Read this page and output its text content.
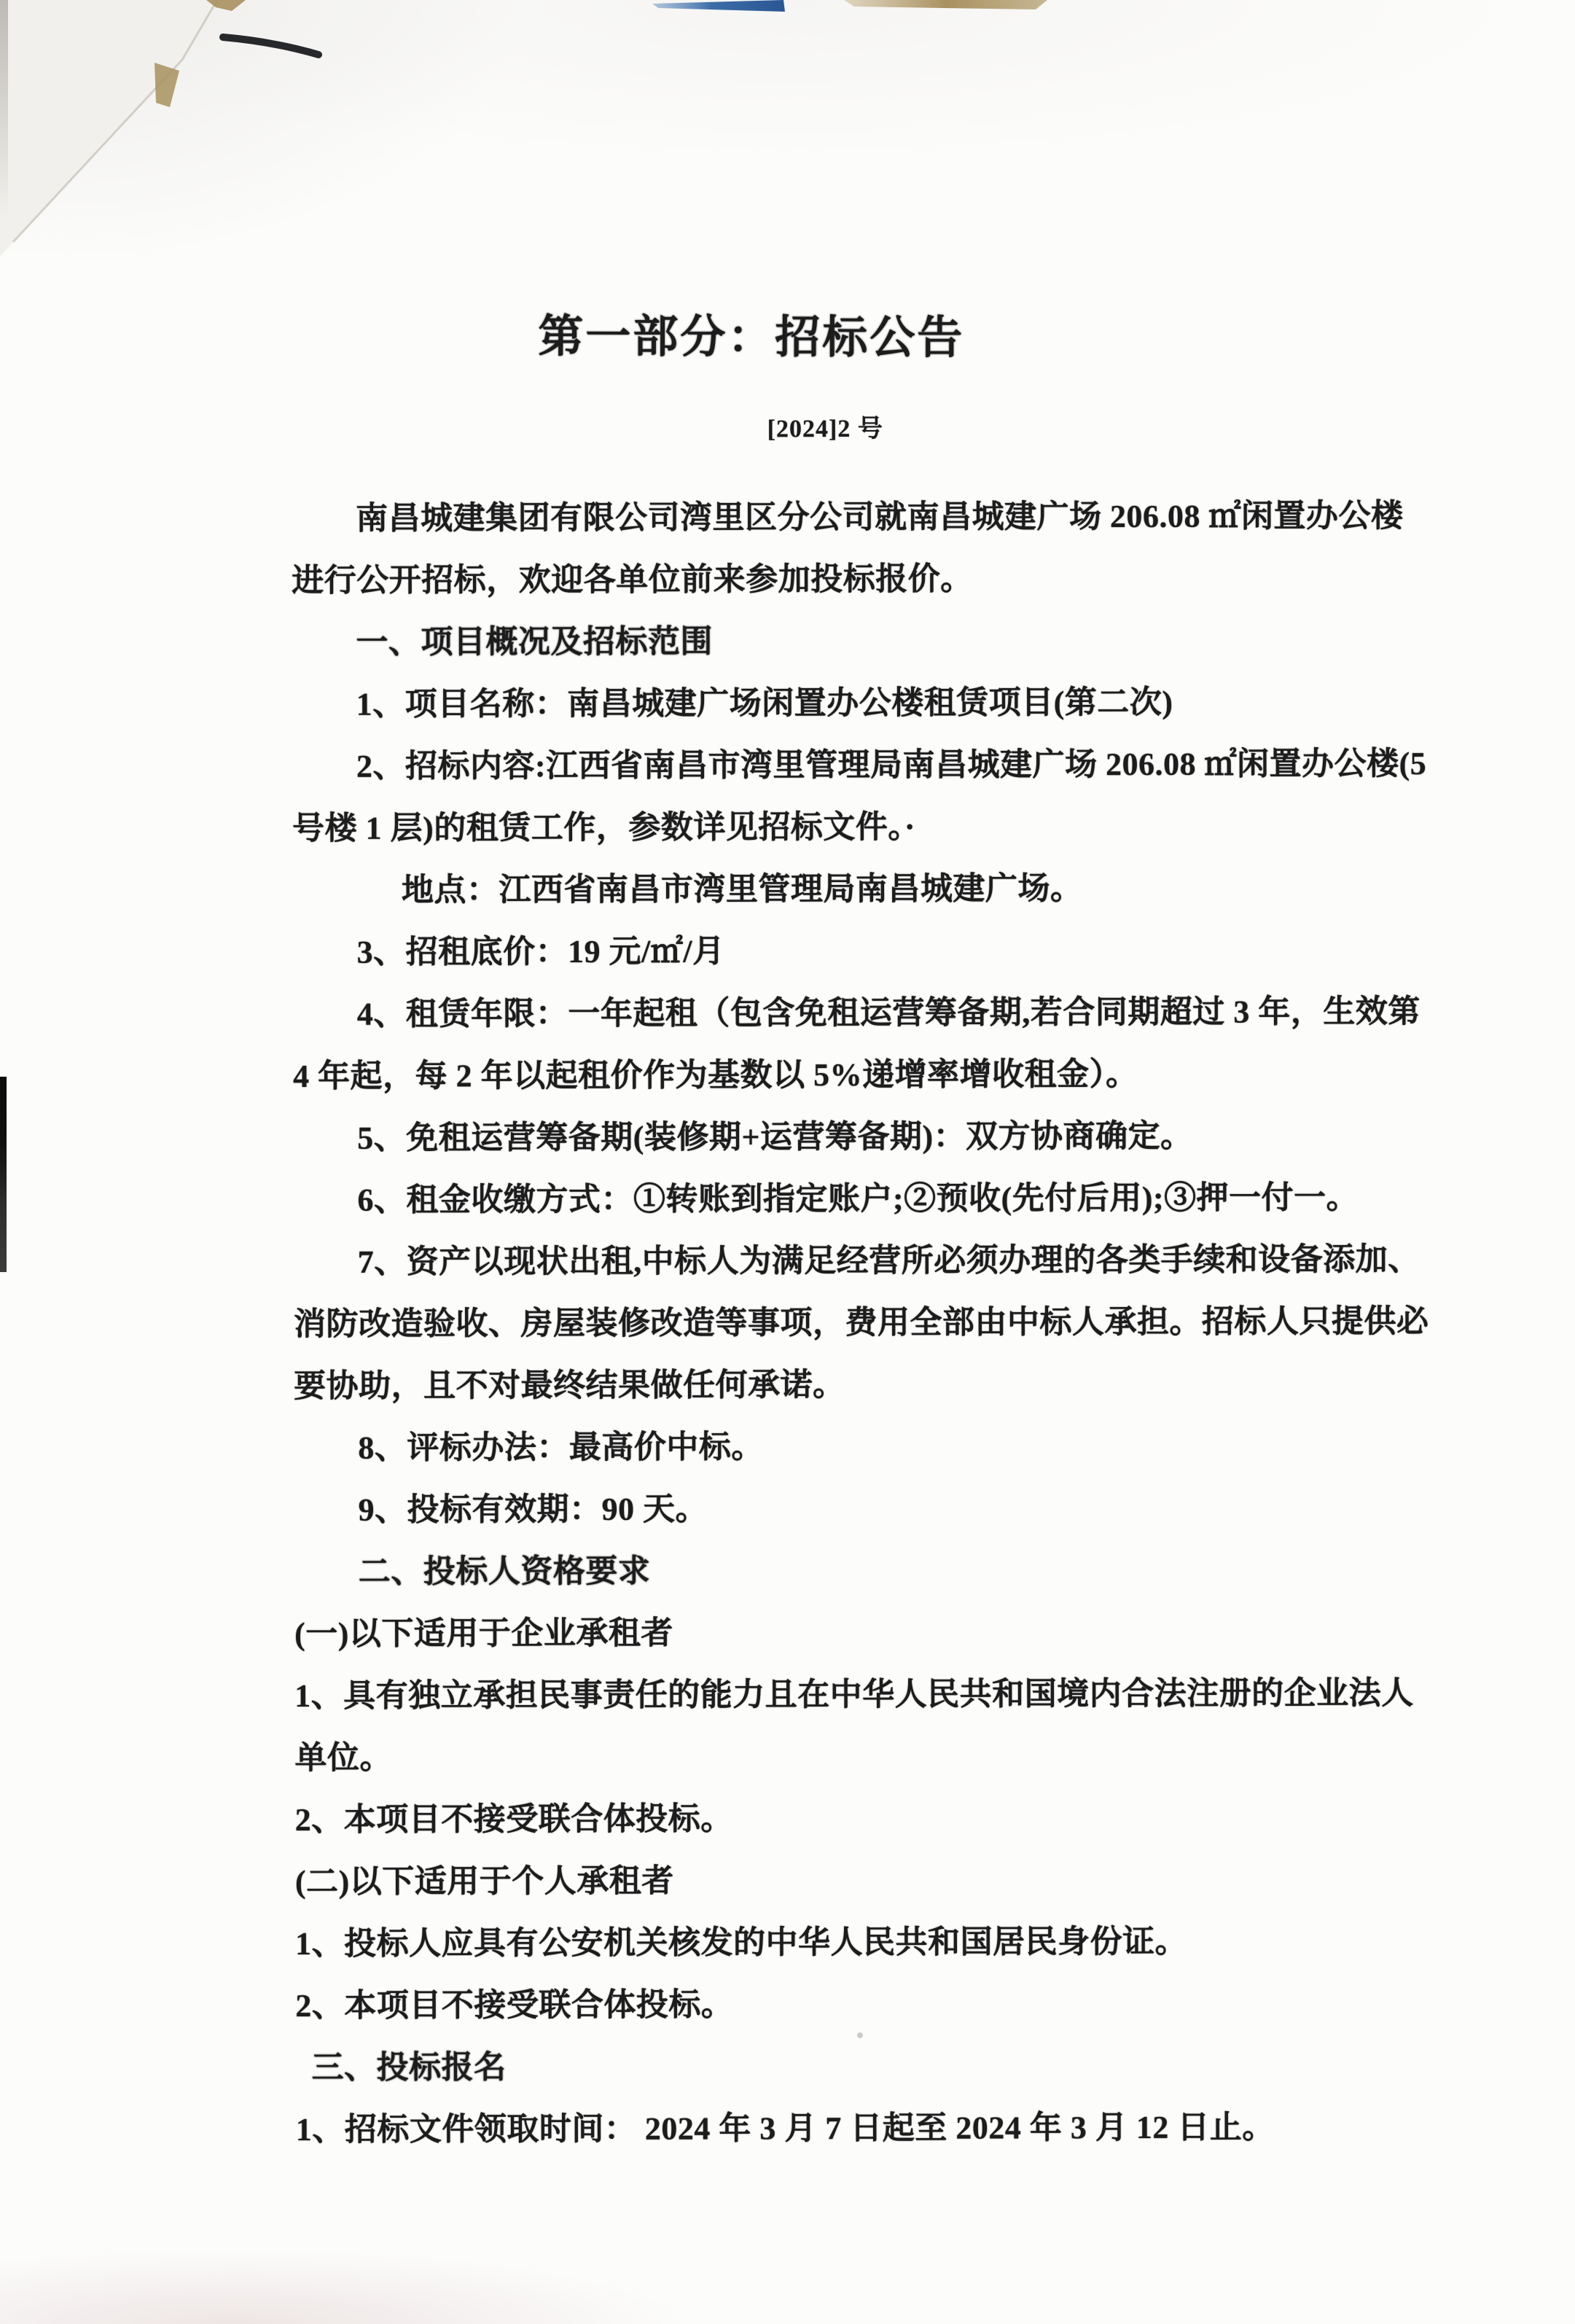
第一部分：招标公告
[2024]2 号
南昌城建集团有限公司湾里区分公司就南昌城建广场 206.08 ㎡闲置办公楼
进行公开招标，欢迎各单位前来参加投标报价。
一、项目概况及招标范围
1、项目名称：南昌城建广场闲置办公楼租赁项目(第二次)
2、招标内容:江西省南昌市湾里管理局南昌城建广场 206.08 ㎡闲置办公楼(5
号楼 1 层)的租赁工作，参数详见招标文件。·
地点：江西省南昌市湾里管理局南昌城建广场。
3、招租底价：19 元/㎡/月
4、租赁年限：一年起租（包含免租运营筹备期,若合同期超过 3 年，生效第
4 年起，每 2 年以起租价作为基数以 5%递增率增收租金）。
5、免租运营筹备期(装修期+运营筹备期)：双方协商确定。
6、租金收缴方式：①转账到指定账户;②预收(先付后用);③押一付一。
7、资产以现状出租,中标人为满足经营所必须办理的各类手续和设备添加、
消防改造验收、房屋装修改造等事项，费用全部由中标人承担。招标人只提供必
要协助，且不对最终结果做任何承诺。
8、评标办法：最高价中标。
9、投标有效期：90 天。
二、投标人资格要求
(一)以下适用于企业承租者
1、具有独立承担民事责任的能力且在中华人民共和国境内合法注册的企业法人
单位。
2、本项目不接受联合体投标。
(二)以下适用于个人承租者
1、投标人应具有公安机关核发的中华人民共和国居民身份证。
2、本项目不接受联合体投标。
三、投标报名
1、招标文件领取时间： 2024 年 3 月 7 日起至 2024 年 3 月 12 日止。
